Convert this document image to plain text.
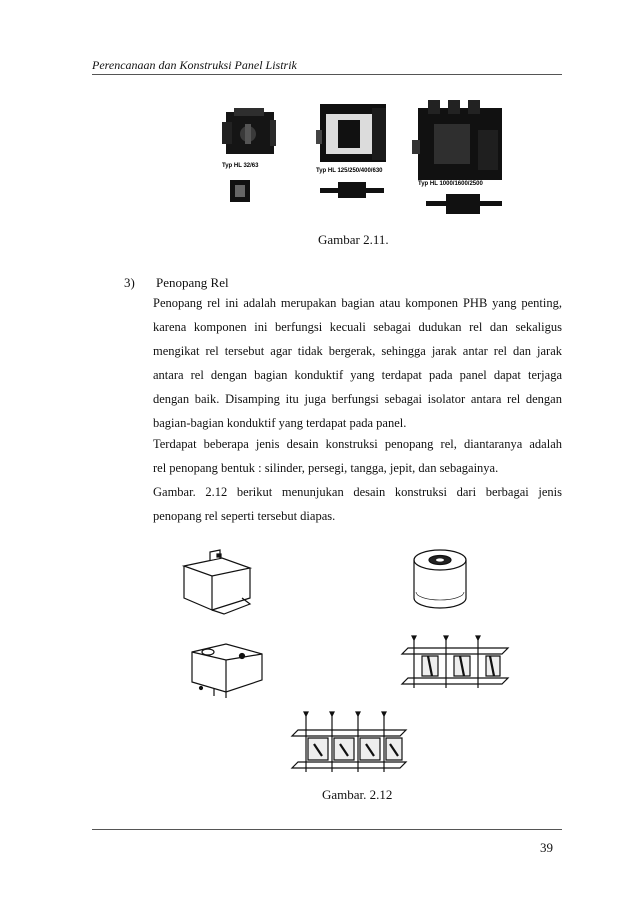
Perencanaan dan Konstruksi Panel Listrik
Typ HL 32/63
Typ HL 125/250/400/630
Typ HL 1000/1600/2500
Gambar 2.11.
3) Penopang Rel
Penopang rel ini adalah merupakan bagian atau komponen PHB yang penting,
karena komponen ini berfungsi kecuali sebagai dudukan rel dan sekaligus
mengikat rel tersebut agar tidak bergerak, sehingga jarak antar rel dan jarak
antara rel dengan bagian konduktif yang terdapat pada panel dapat terjaga
dengan baik. Disamping itu juga berfungsi sebagai isolator antara rel dengan
bagian-bagian konduktif yang terdapat pada panel.
Terdapat beberapa jenis desain konstruksi penopang rel, diantaranya adalah
rel penopang bentuk : silinder, persegi, tangga, jepit, dan sebagainya.
Gambar. 2.12 berikut menunjukan desain konstruksi dari berbagai jenis
penopang rel seperti tersebut diapas.
Gambar. 2.12
39
